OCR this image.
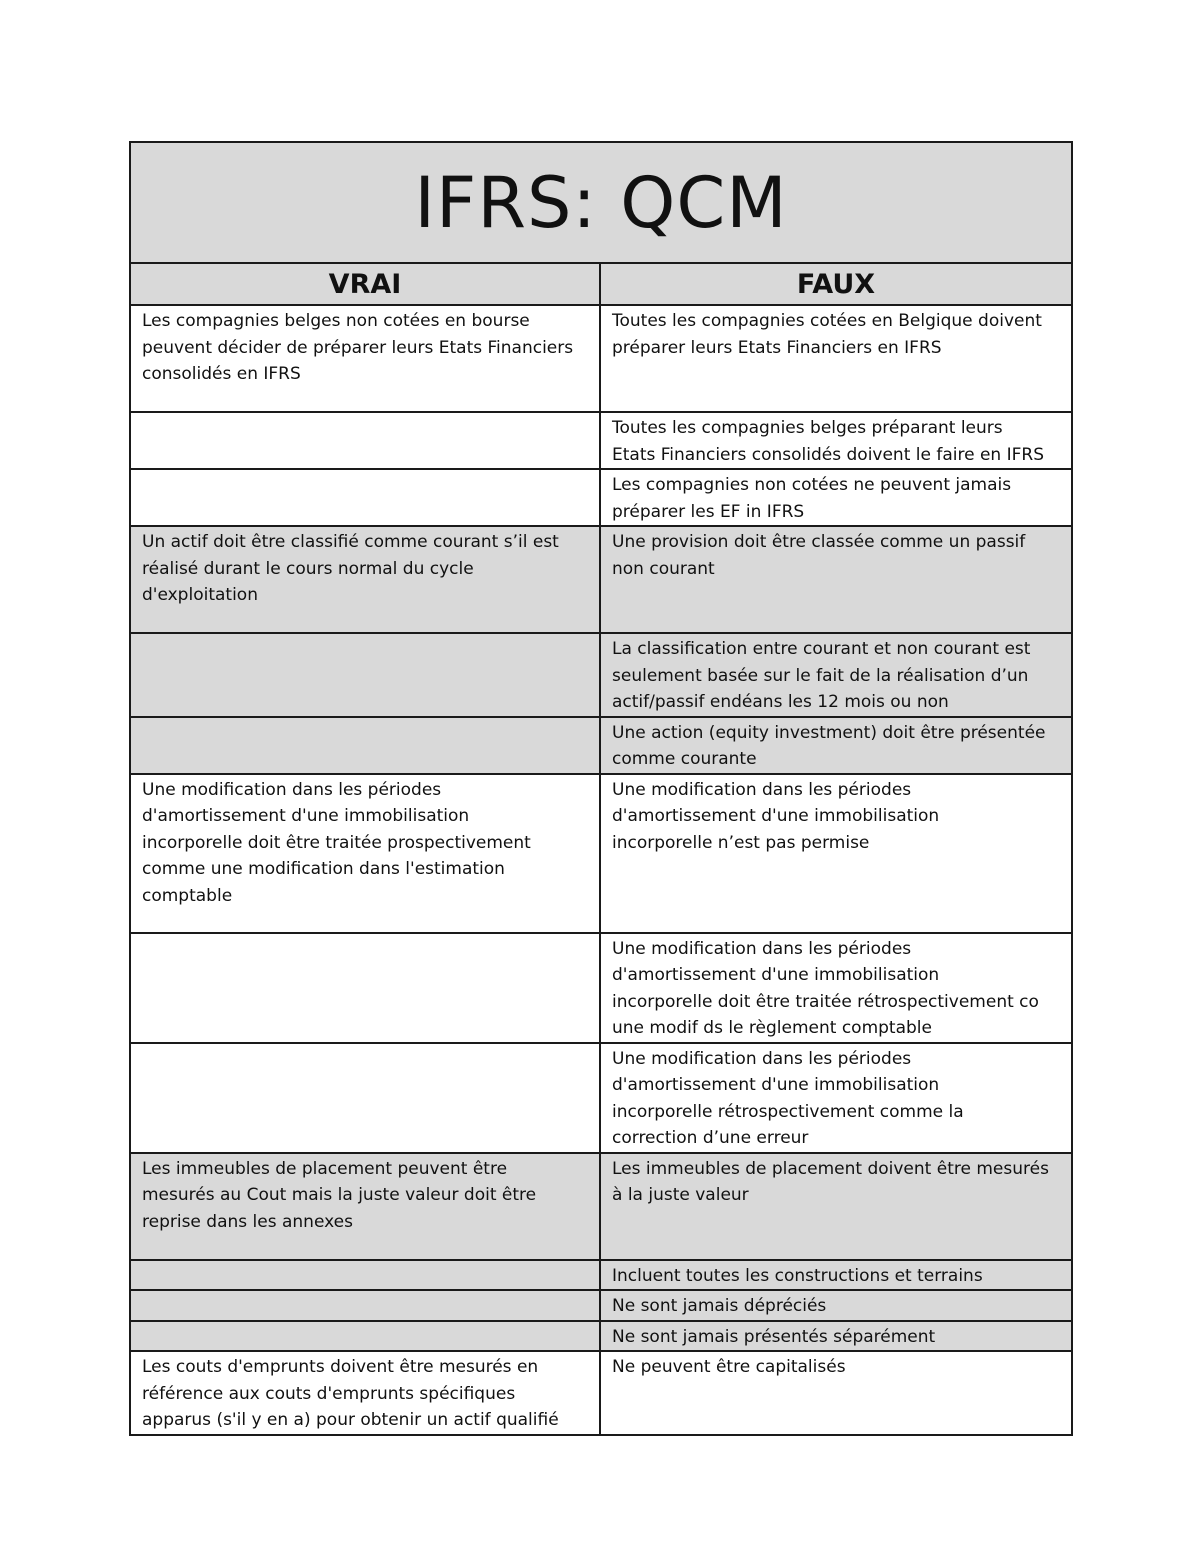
IFRS: QCM	
VRAI	FAUX
Les compagnies belges non cotées en bourse
peuvent décider de préparer leurs Etats Financiers
consolidés en IFRS	Toutes les compagnies cotées en Belgique doivent
préparer leurs Etats Financiers en IFRS
	Toutes les compagnies belges préparant leurs
Etats Financiers consolidés doivent le faire en IFRS
	Les compagnies non cotées ne peuvent jamais
préparer les EF in IFRS
Un actif doit être classifié comme courant s’il est
réalisé durant le cours normal du cycle
d'exploitation	Une provision doit être classée comme un passif
non courant
	La classification entre courant et non courant est
seulement basée sur le fait de la réalisation d’un
actif/passif endéans les 12 mois ou non
	Une action (equity investment) doit être présentée
comme courante
Une modification dans les périodes
d'amortissement d'une immobilisation
incorporelle doit être traitée prospectivement
comme une modification dans l'estimation
comptable	Une modification dans les périodes
d'amortissement d'une immobilisation
incorporelle n’est pas permise
	Une modification dans les périodes
d'amortissement d'une immobilisation
incorporelle doit être traitée rétrospectivement co
une modif ds le règlement comptable
	Une modification dans les périodes
d'amortissement d'une immobilisation
incorporelle rétrospectivement comme la
correction d’une erreur
Les immeubles de placement peuvent être
mesurés au Cout mais la juste valeur doit être
reprise dans les annexes	Les immeubles de placement doivent être mesurés
à la juste valeur
	Incluent toutes les constructions et terrains
	Ne sont jamais dépréciés
	Ne sont jamais présentés séparément
Les couts d'emprunts doivent être mesurés en
référence aux couts d'emprunts spécifiques
apparus (s'il y en a) pour obtenir un actif qualifié	Ne peuvent être capitalisés
